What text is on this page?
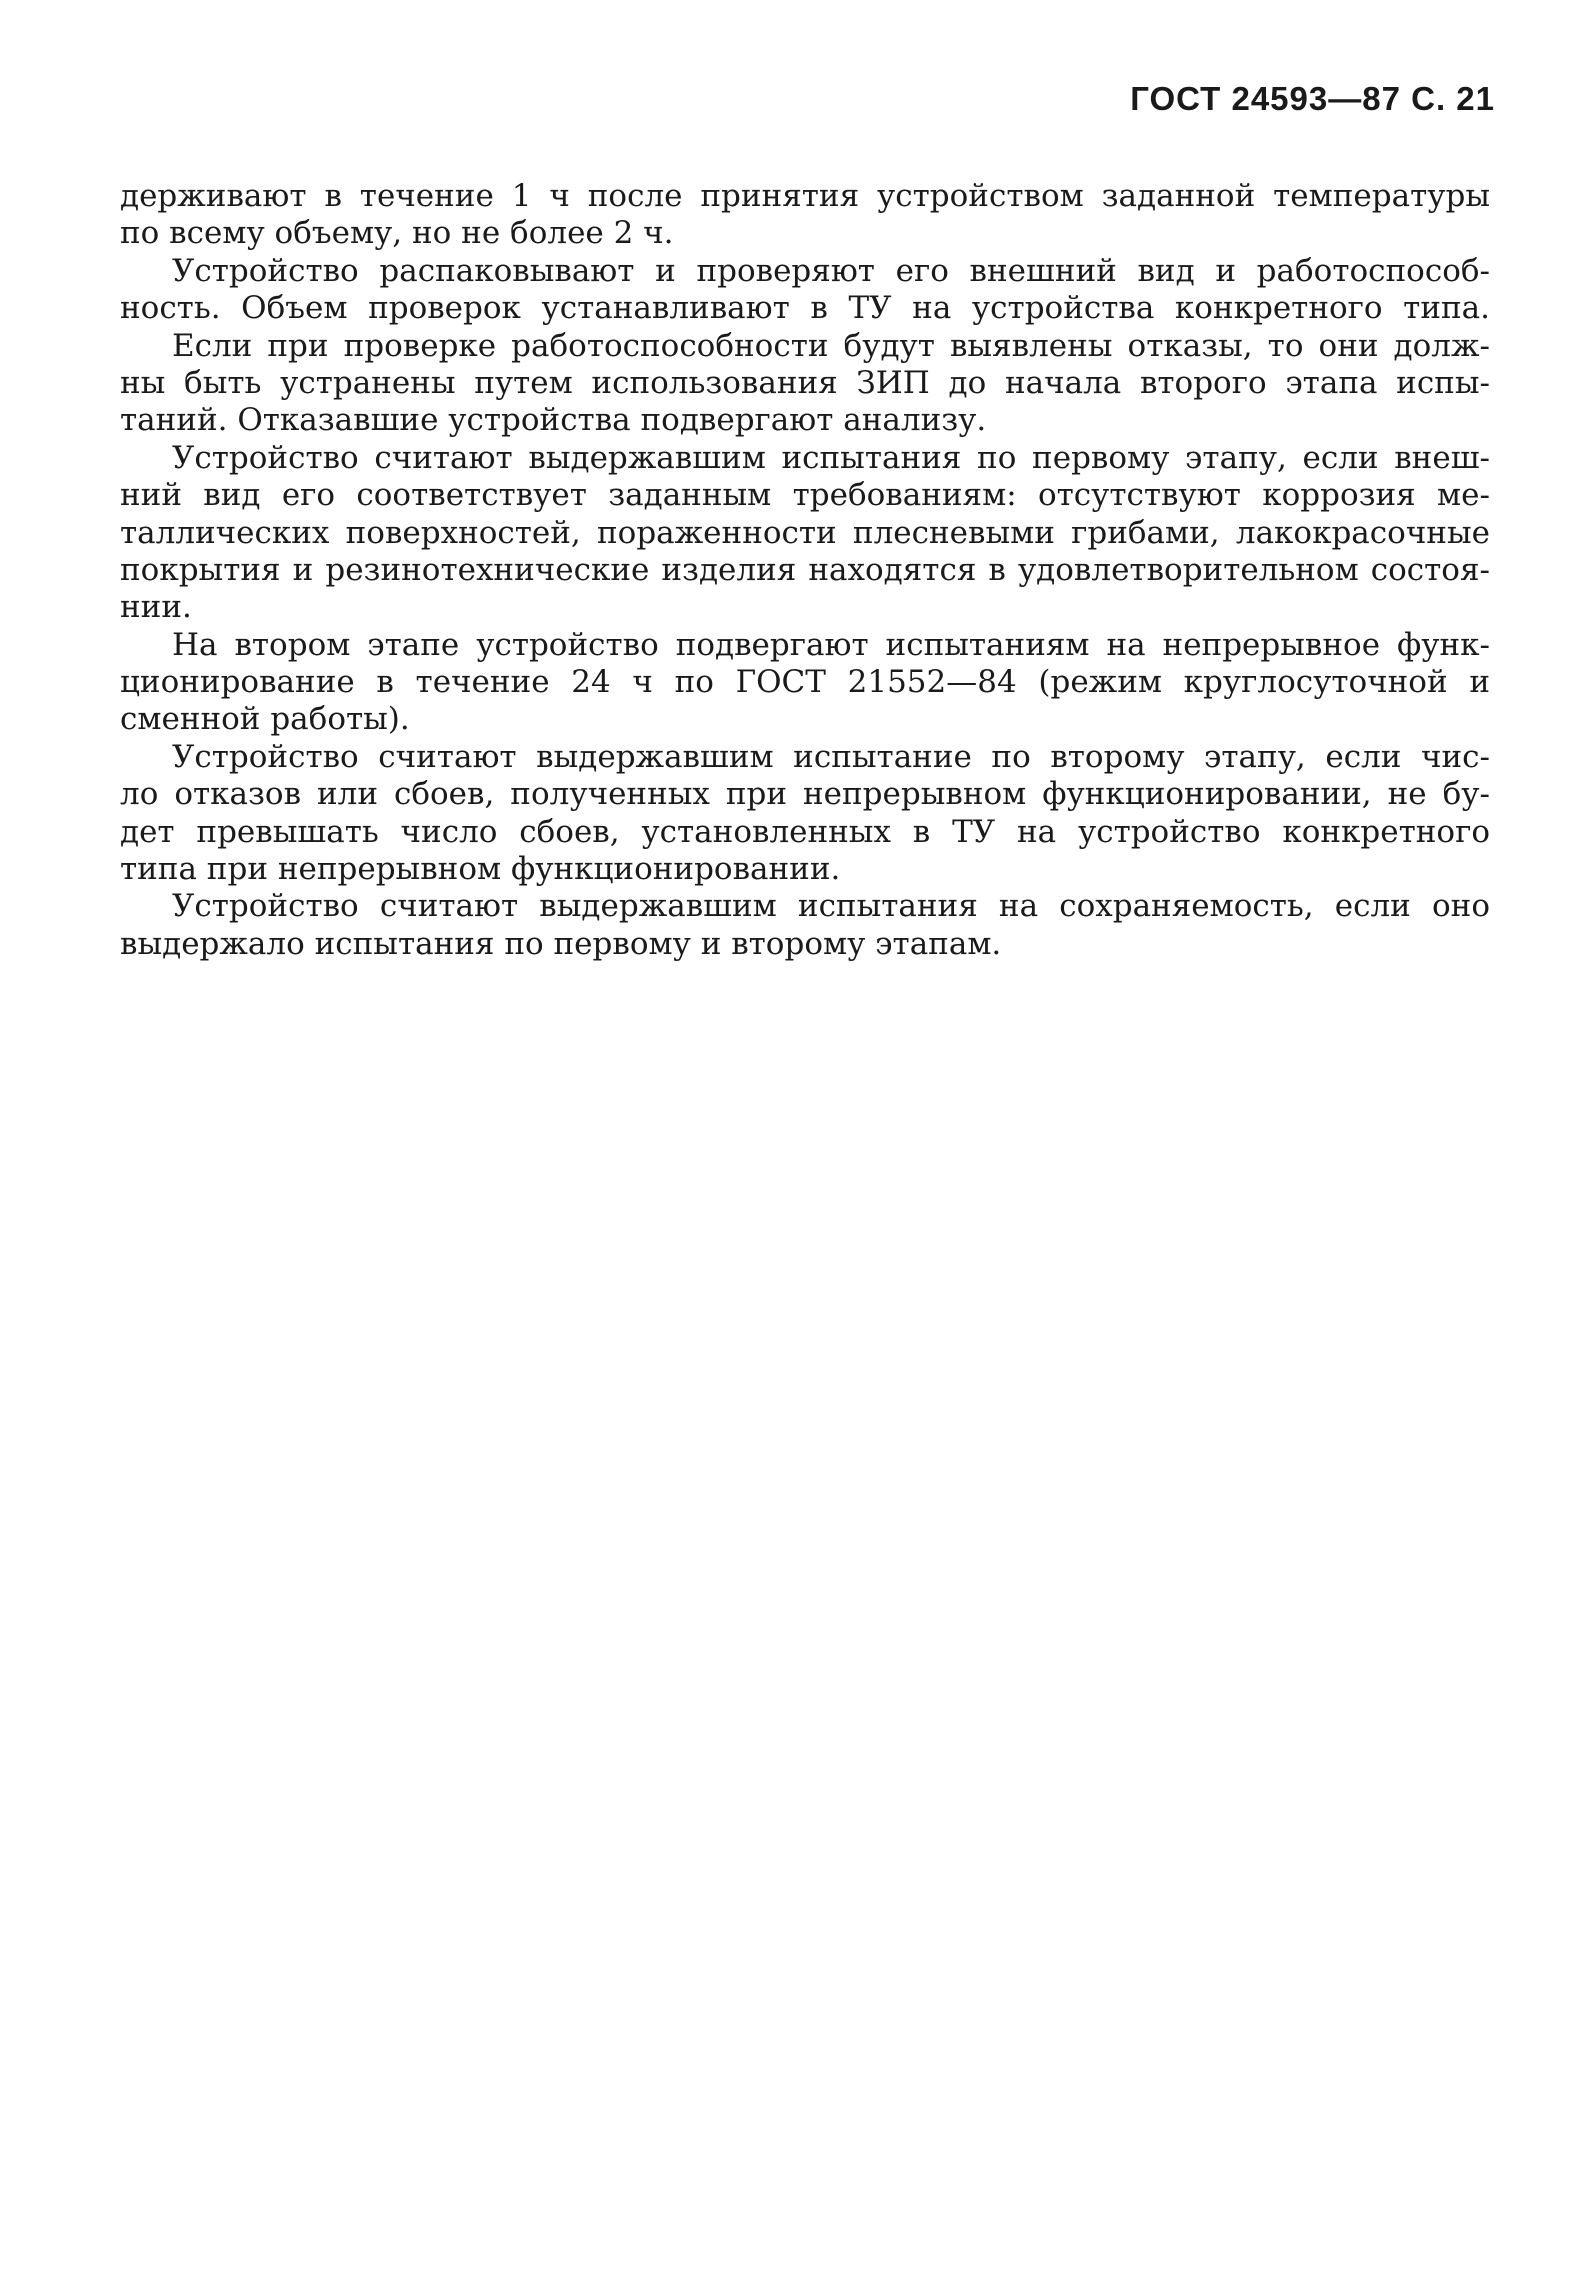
ГОСТ 24593—87 С. 21
держивают в течение 1 ч после принятия устройством заданной температуры
по всему объему, но не более 2 ч.
Устройство распаковывают и проверяют его внешний вид и работоспособ-
ность. Объем проверок устанавливают в ТУ на устройства конкретного типа.
Если при проверке работоспособности будут выявлены отказы, то они долж-
ны быть устранены путем использования ЗИП до начала второго этапа испы-
таний. Отказавшие устройства подвергают анализу.
Устройство считают выдержавшим испытания по первому этапу, если внеш-
ний вид его соответствует заданным требованиям: отсутствуют коррозия ме-
таллических поверхностей, пораженности плесневыми грибами, лакокрасочные
покрытия и резинотехнические изделия находятся в удовлетворительном состоя-
нии.
На втором этапе устройство подвергают испытаниям на непрерывное функ-
ционирование в течение 24 ч по ГОСТ 21552—84 (режим круглосуточной и
сменной работы).
Устройство считают выдержавшим испытание по второму этапу, если чис-
ло отказов или сбоев, полученных при непрерывном функционировании, не бу-
дет превышать число сбоев, установленных в ТУ на устройство конкретного
типа при непрерывном функционировании.
Устройство считают выдержавшим испытания на сохраняемость, если оно
выдержало испытания по первому и второму этапам.
